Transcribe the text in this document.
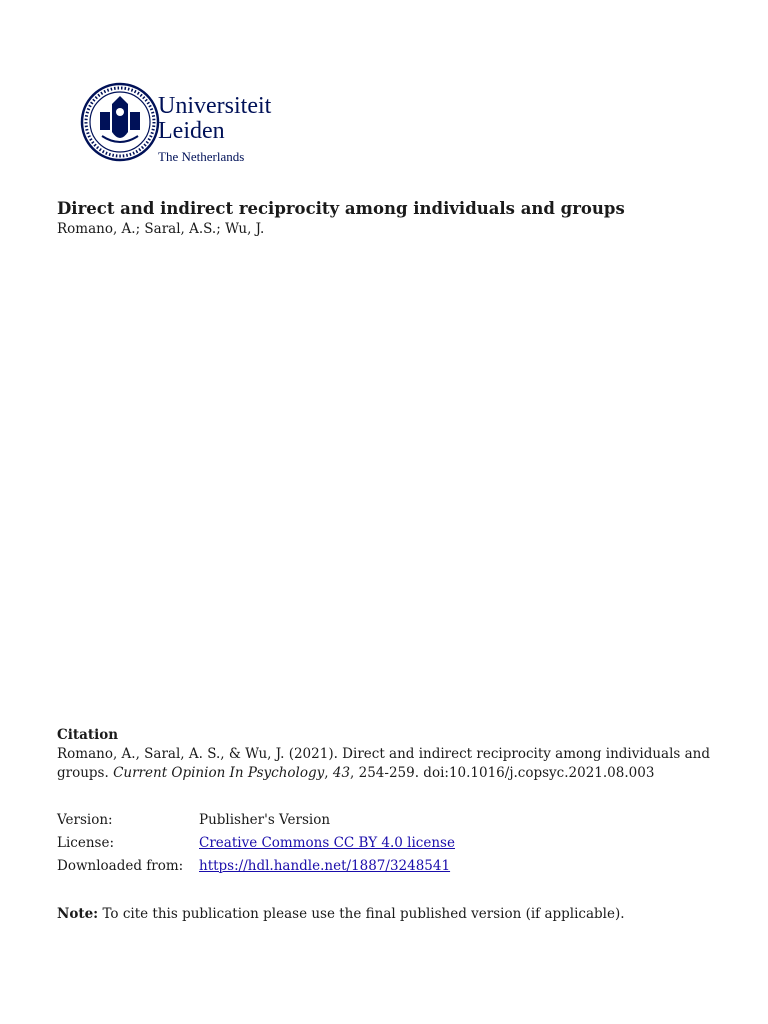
Universiteit
Leiden
The Netherlands
Direct and indirect reciprocity among individuals and groups
Romano, A.; Saral, A.S.; Wu, J.
Citation
Romano, A., Saral, A. S., & Wu, J. (2021). Direct and indirect reciprocity among individuals and groups. Current Opinion In Psychology, 43, 254-259. doi:10.1016/j.copsyc.2021.08.003
Version:	Publisher's Version
License:	Creative Commons CC BY 4.0 license
Downloaded from: https://hdl.handle.net/1887/3248541
Note: To cite this publication please use the final published version (if applicable).
